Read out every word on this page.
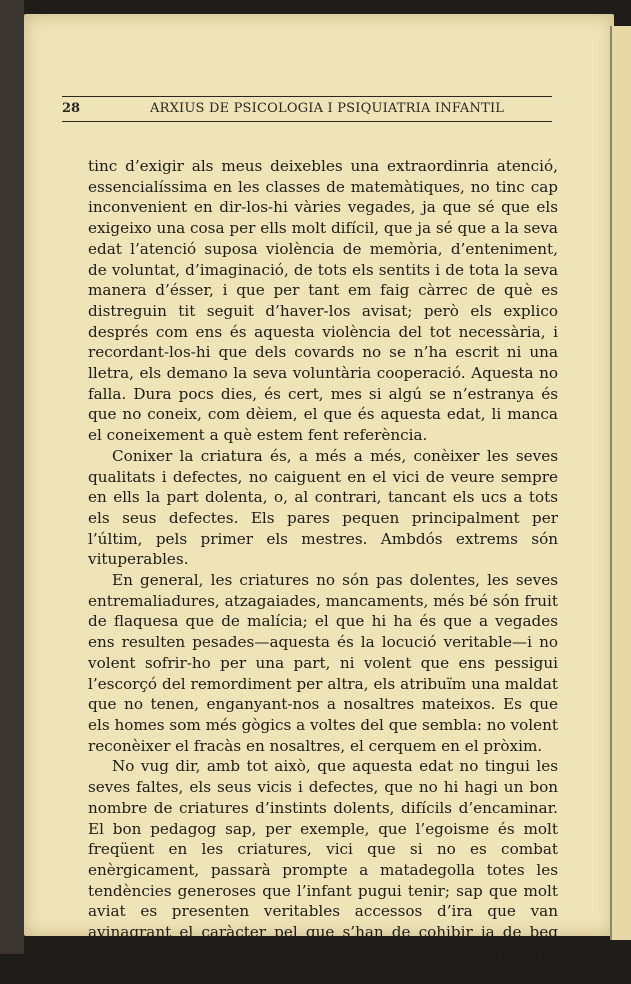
28	ARXIUS DE PSICOLOGIA I PSIQUIATRIA INFANTIL

tinc d’exigir als meus deixebles una extraordinria atenció, essencialíssima en les classes de matemàtiques, no tinc cap inconvenient en dir-los-hi vàries vegades, ja que sé que els exigeixo una cosa per ells molt difícil, que ja sé que a la seva edat l’atenció suposa violència de memòria, d’enteniment, de voluntat, d’imaginació, de tots els sentits i de tota la seva manera d’ésser, i que per tant em faig càrrec de què es distreguin tit seguit d’haver-los avisat; però els explico després com ens és aquesta violència del tot necessària, i recordant-los-hi que dels covards no se n’ha escrit ni una lletra, els demano la seva voluntària cooperació. Aquesta no falla. Dura pocs dies, és cert, mes si algú se n’estranya és que no coneix, com dèiem, el que és aquesta edat, li manca el coneixement a què estem fent referència.

Conixer la criatura és, a més a més, conèixer les seves qualitats i defectes, no caiguent en el vici de veure sempre en ells la part dolenta, o, al contrari, tancant els ucs a tots els seus defectes. Els pares pequen principalment per l’últim, pels primer els mestres. Ambdós extrems són vituperables.

En general, les criatures no són pas dolentes, les seves entremaliadures, atzagaiades, mancaments, més bé són fruit de flaquesa que de malícia; el que hi ha és que a vegades ens resulten pesades—aquesta és la locució veritable—i no volent sofrir-ho per una part, ni volent que ens pessigui l’escorçó del remordiment per altra, els atribuïm una maldat que no tenen, enganyant-nos a nosaltres mateixos. Es que els homes som més gògics a voltes del que sembla: no volent reconèixer el fracàs en nosaltres, el cerquem en el pròxim.

No vug dir, amb tot això, que aquesta edat no tingui les seves faltes, els seus vicis i defectes, que no hi hagi un bon nombre de criatures d’instints dolents, difícils d’encaminar. El bon pedagog sap, per exemple, que l’egoisme és molt freqüent en les criatures, vici que si no es combat enèrgicament, passarà prompte a matadegolla totes les tendències generoses que l’infant pugui tenir; sap que molt aviat es presenten veritables accessos d’ira que van avinagrant el caràcter pel que s’han de cohibir ja de beg principi i no excitar, com fan pares tan tontos que es diverteixen—trista
